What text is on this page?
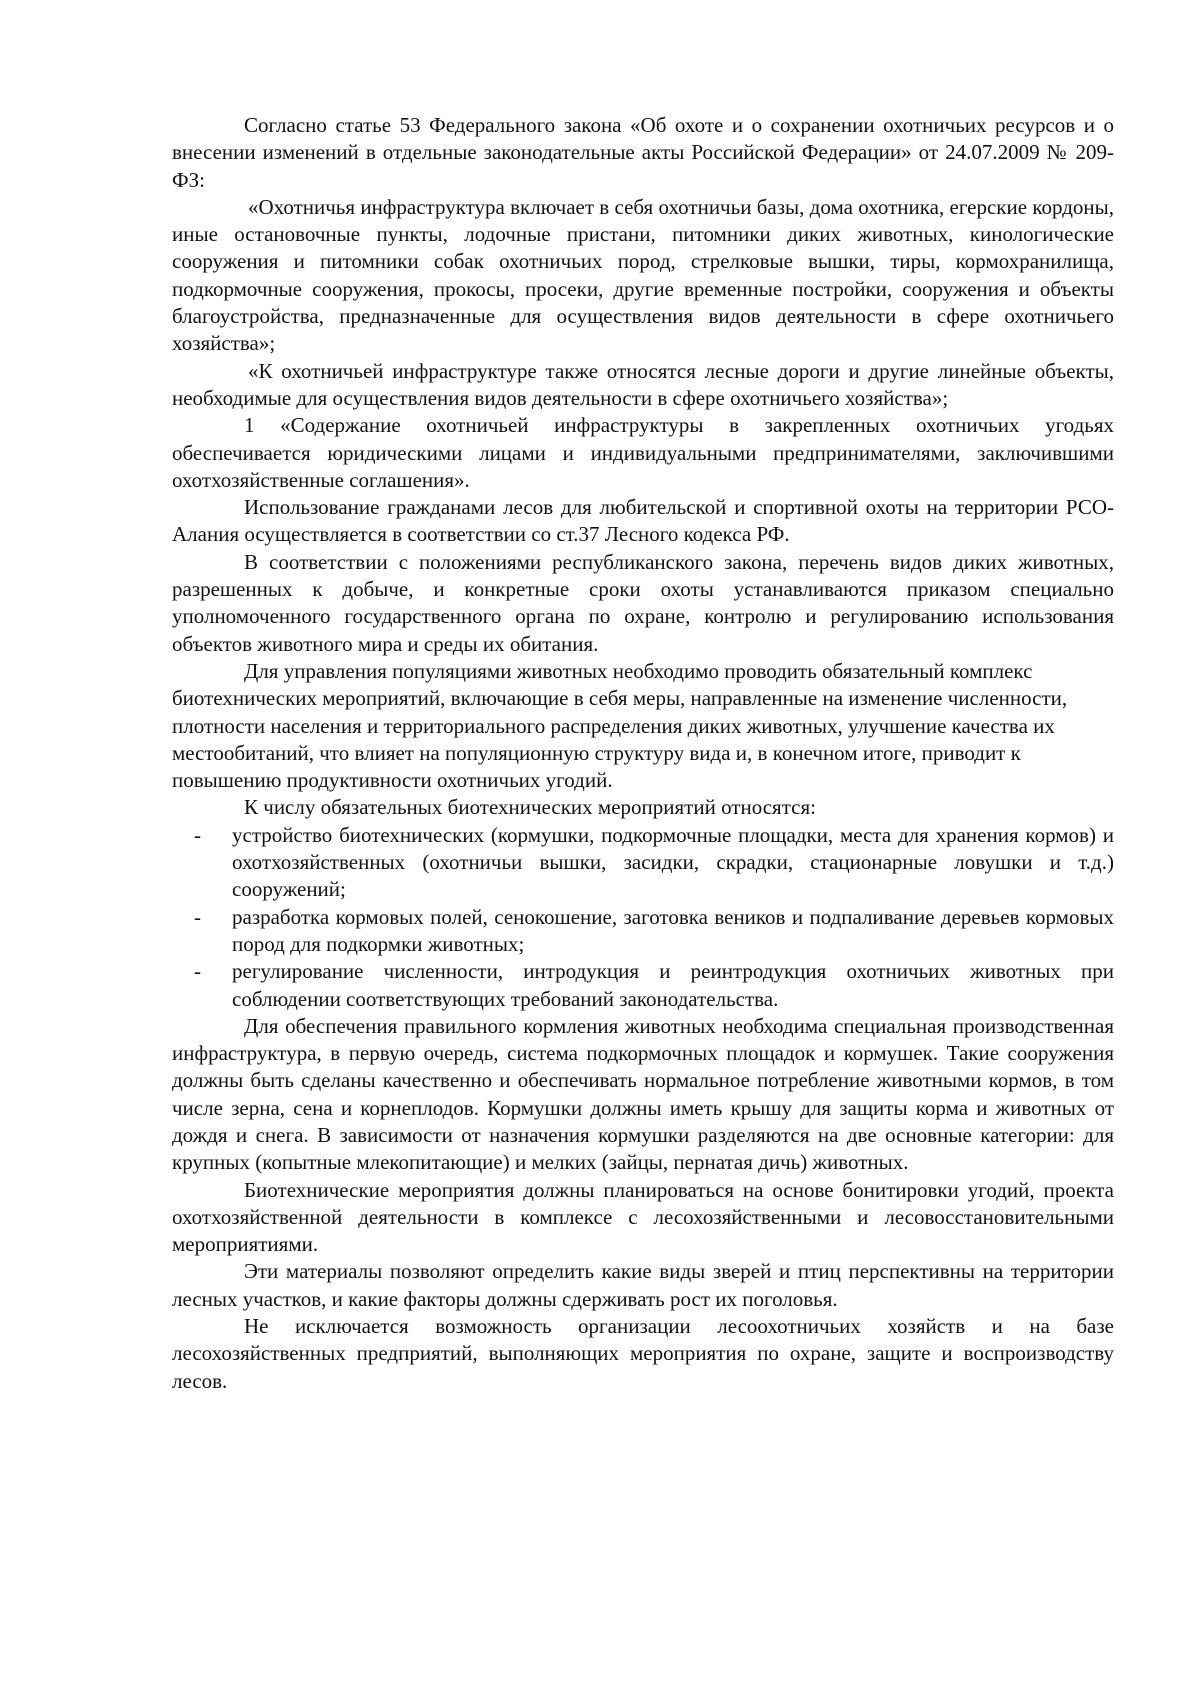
Согласно статье 53 Федерального закона «Об охоте и о сохранении охотничьих ресурсов и о внесении изменений в отдельные законодательные акты Российской Федерации» от 24.07.2009 № 209-ФЗ:

«Охотничья инфраструктура включает в себя охотничьи базы, дома охотника, егерские кордоны, иные остановочные пункты, лодочные пристани, питомники диких животных, кинологические сооружения и питомники собак охотничьих пород, стрелковые вышки, тиры, кормохранилища, подкормочные сооружения, прокосы, просеки, другие временные постройки, сооружения и объекты благоустройства, предназначенные для осуществления видов деятельности в сфере охотничьего хозяйства»;

«К охотничьей инфраструктуре также относятся лесные дороги и другие линейные объекты, необходимые для осуществления видов деятельности в сфере охотничьего хозяйства»;

1 «Содержание охотничьей инфраструктуры в закрепленных охотничьих угодьях обеспечивается юридическими лицами и индивидуальными предпринимателями, заключившими охотхозяйственные соглашения».

Использование гражданами лесов для любительской и спортивной охоты на территории РСО-Алания осуществляется в соответствии со ст.37 Лесного кодекса РФ.

В соответствии с положениями республиканского закона, перечень видов диких животных, разрешенных к добыче, и конкретные сроки охоты устанавливаются приказом специально уполномоченного государственного органа по охране, контролю и регулированию использования объектов животного мира и среды их обитания.

Для управления популяциями животных необходимо проводить обязательный комплекс биотехнических мероприятий, включающие в себя меры, направленные на изменение численности, плотности населения и территориального распределения диких животных, улучшение качества их местообитаний, что влияет на популяционную структуру вида и, в конечном итоге, приводит к повышению продуктивности охотничьих угодий.

К числу обязательных биотехнических мероприятий относятся:

- устройство биотехнических (кормушки, подкормочные площадки, места для хранения кормов) и охотхозяйственных (охотничьи вышки, засидки, скрадки, стационарные ловушки и т.д.) сооружений;
- разработка кормовых полей, сенокошение, заготовка веников и подпаливание деревьев кормовых пород для подкормки животных;
- регулирование численности, интродукция и реинтродукция охотничьих животных при соблюдении соответствующих требований законодательства.

Для обеспечения правильного кормления животных необходима специальная производственная инфраструктура, в первую очередь, система подкормочных площадок и кормушек. Такие сооружения должны быть сделаны качественно и обеспечивать нормальное потребление животными кормов, в том числе зерна, сена и корнеплодов. Кормушки должны иметь крышу для защиты корма и животных от дождя и снега. В зависимости от назначения кормушки разделяются на две основные категории: для крупных (копытные млекопитающие) и мелких (зайцы, пернатая дичь) животных.

Биотехнические мероприятия должны планироваться на основе бонитировки угодий, проекта охотхозяйственной деятельности в комплексе с лесохозяйственными и лесовосстановительными мероприятиями.

Эти материалы позволяют определить какие виды зверей и птиц перспективны на территории лесных участков, и какие факторы должны сдерживать рост их поголовья.

Не исключается возможность организации лесоохотничьих хозяйств и на базе лесохозяйственных предприятий, выполняющих мероприятия по охране, защите и воспроизводству лесов.
